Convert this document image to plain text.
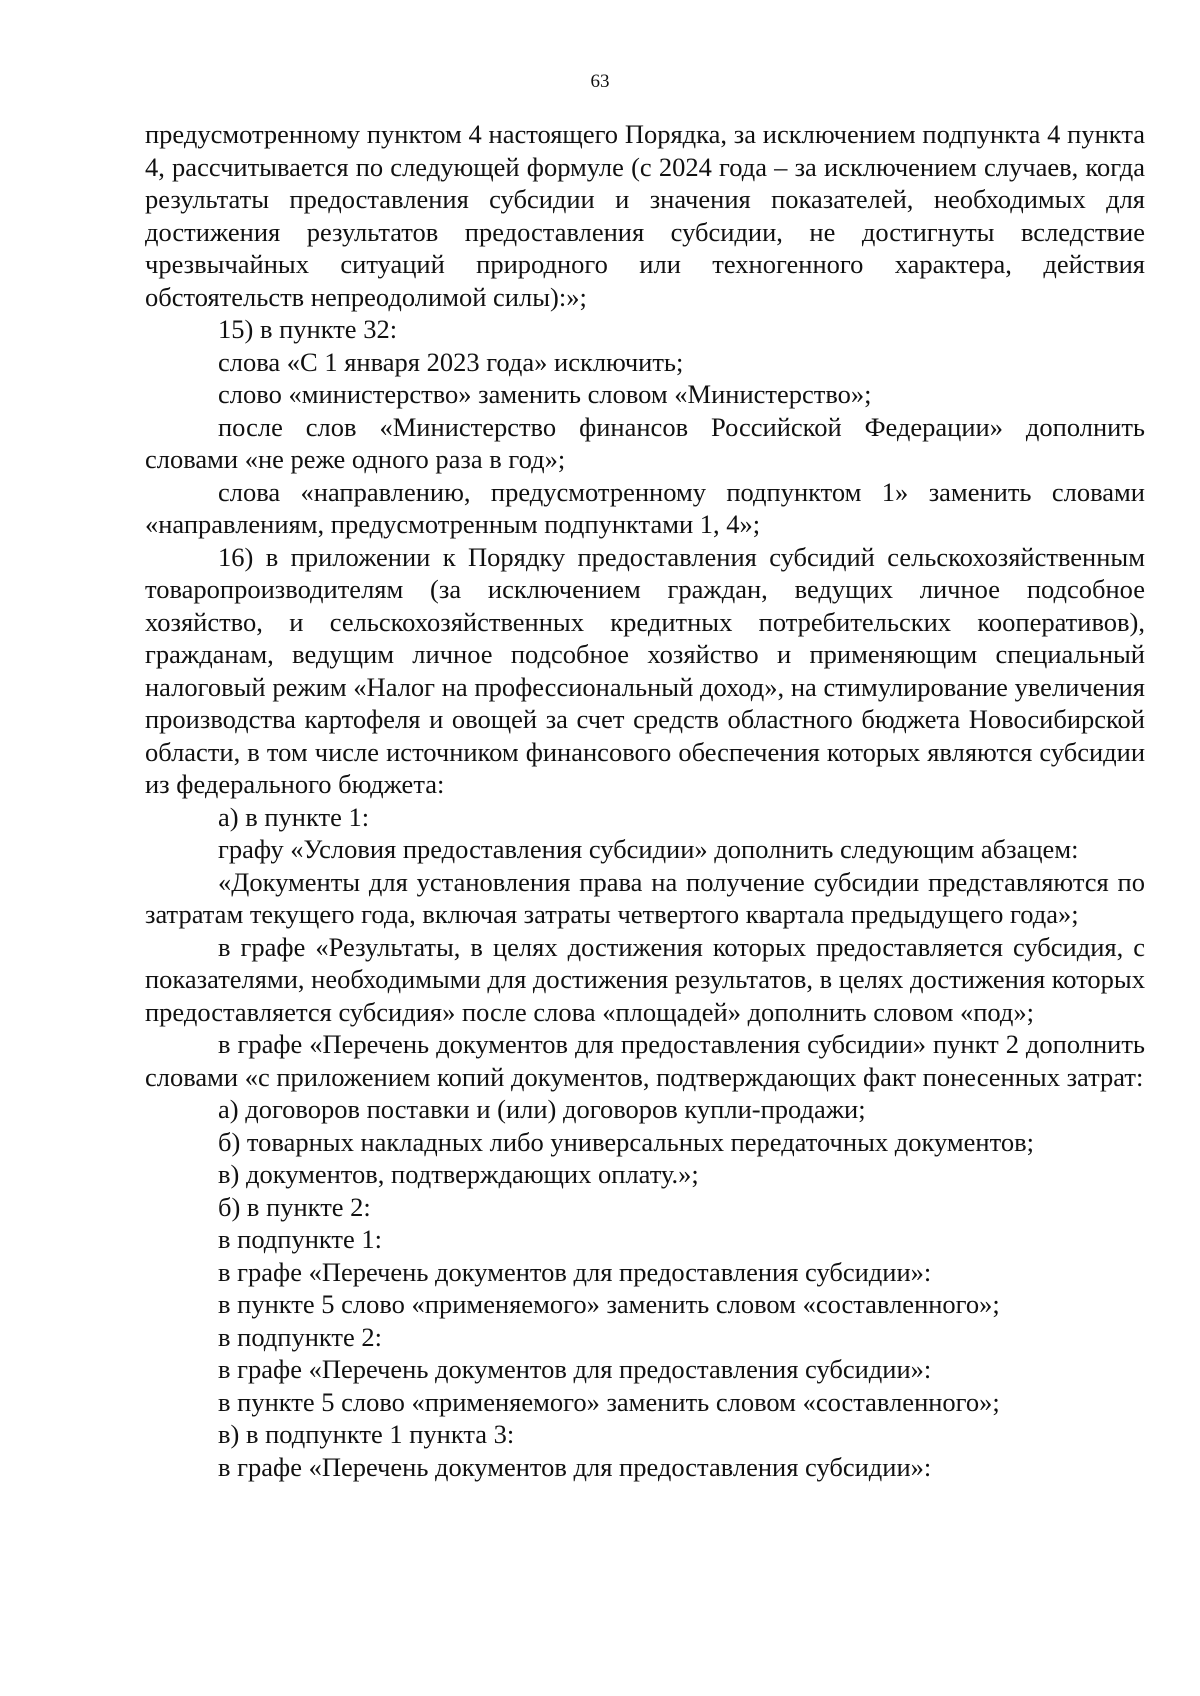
63

предусмотренному пунктом 4 настоящего Порядка, за исключением подпункта 4 пункта 4, рассчитывается по следующей формуле (с 2024 года – за исключением случаев, когда результаты предоставления субсидии и значения показателей, необходимых для достижения результатов предоставления субсидии, не достигнуты вследствие чрезвычайных ситуаций природного или техногенного характера, действия обстоятельств непреодолимой силы):»;

15) в пункте 32:

слова «С 1 января 2023 года» исключить;

слово «министерство» заменить словом «Министерство»;

после слов «Министерство финансов Российской Федерации» дополнить словами «не реже одного раза в год»;

слова «направлению, предусмотренному подпунктом 1» заменить словами «направлениям, предусмотренным подпунктами 1, 4»;

16) в приложении к Порядку предоставления субсидий сельскохозяйственным товаропроизводителям (за исключением граждан, ведущих личное подсобное хозяйство, и сельскохозяйственных кредитных потребительских кооперативов), гражданам, ведущим личное подсобное хозяйство и применяющим специальный налоговый режим «Налог на профессиональный доход», на стимулирование увеличения производства картофеля и овощей за счет средств областного бюджета Новосибирской области, в том числе источником финансового обеспечения которых являются субсидии из федерального бюджета:

а) в пункте 1:

графу «Условия предоставления субсидии» дополнить следующим абзацем:

«Документы для установления права на получение субсидии представляются по затратам текущего года, включая затраты четвертого квартала предыдущего года»;

в графе «Результаты, в целях достижения которых предоставляется субсидия, с показателями, необходимыми для достижения результатов, в целях достижения которых предоставляется субсидия» после слова «площадей» дополнить словом «под»;

в графе «Перечень документов для предоставления субсидии» пункт 2 дополнить словами «с приложением копий документов, подтверждающих факт понесенных затрат:

а) договоров поставки и (или) договоров купли-продажи;

б) товарных накладных либо универсальных передаточных документов;

в) документов, подтверждающих оплату.»;

б) в пункте 2:

в подпункте 1:

в графе «Перечень документов для предоставления субсидии»:

в пункте 5 слово «применяемого» заменить словом «составленного»;

в подпункте 2:

в графе «Перечень документов для предоставления субсидии»:

в пункте 5 слово «применяемого» заменить словом «составленного»;

в) в подпункте 1 пункта 3:

в графе «Перечень документов для предоставления субсидии»:
